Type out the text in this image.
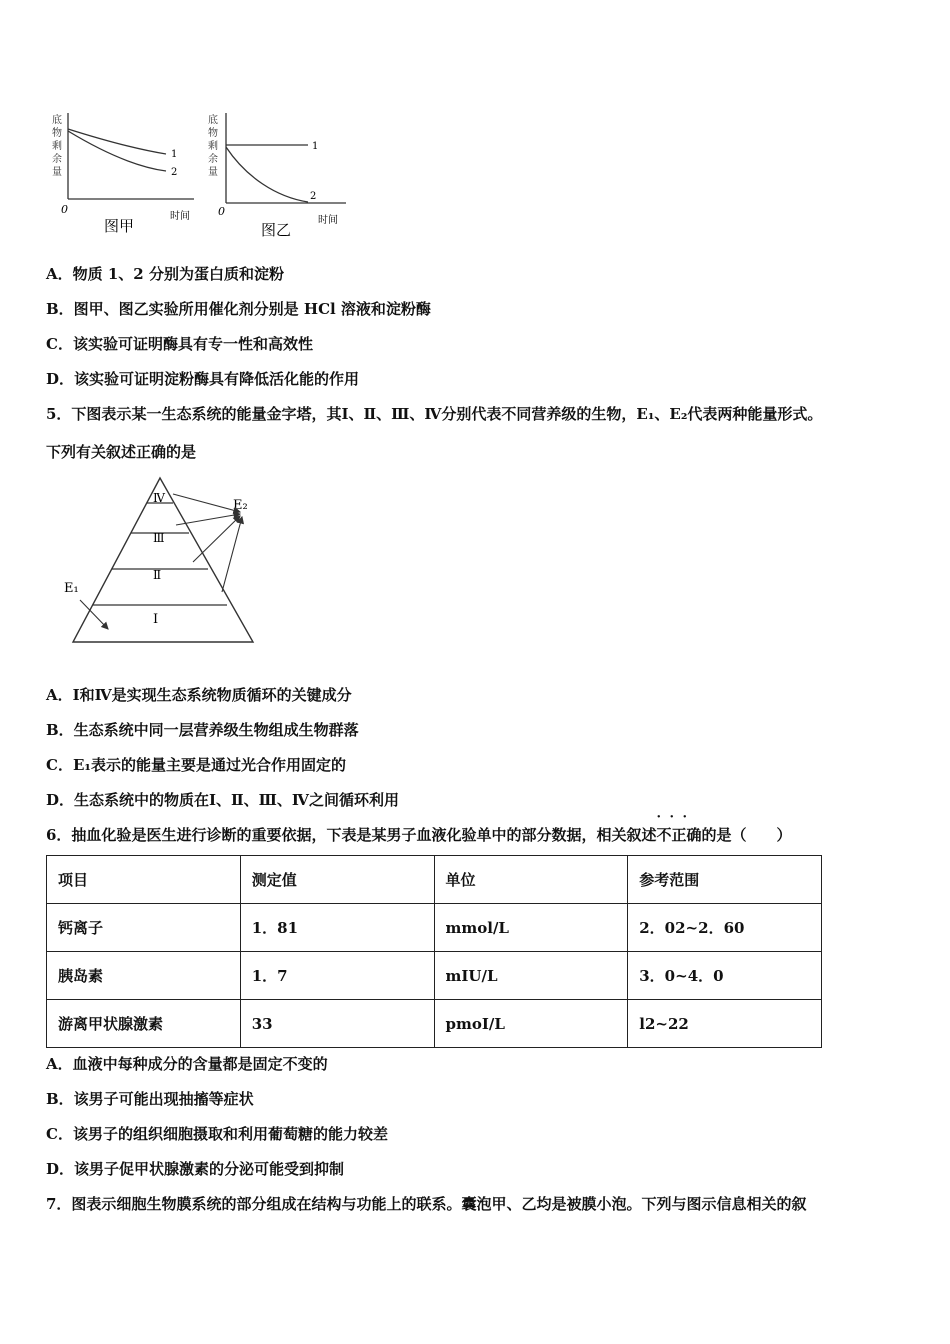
底
物
剩
余
量
1
2
0
时间
图甲
底
物
剩
余
量
1
2
0
时间
图乙
A．物质 1、2 分别为蛋白质和淀粉
B．图甲、图乙实验所用催化剂分别是 HCl 溶液和淀粉酶
C．该实验可证明酶具有专一性和高效性
D．该实验可证明淀粉酶具有降低活化能的作用
5．下图表示某一生态系统的能量金字塔，其Ⅰ、Ⅱ、Ⅲ、Ⅳ分别代表不同营养级的生物，E₁、E₂代表两种能量形式。
下列有关叙述正确的是
Ⅳ
Ⅲ
Ⅱ
Ⅰ
E₁
E₂
A．Ⅰ和Ⅳ是实现生态系统物质循环的关键成分
B．生态系统中同一层营养级生物组成生物群落
C．E₁表示的能量主要是通过光合作用固定的
D．生态系统中的物质在Ⅰ、Ⅱ、Ⅲ、Ⅳ之间循环利用
6．抽血化验是医生进行诊断的重要依据，下表是某男子血液化验单中的部分数据，相关叙述· · · 不正确的是（　　）
项目	测定值	单位	参考范围
钙离子	1．81	mmol/L	2．02~2．60
胰岛素	1．7	mIU/L	3．0~4．0
游离甲状腺激素	33	pmoI/L	l2~22
A．血液中每种成分的含量都是固定不变的
B．该男子可能出现抽搐等症状
C．该男子的组织细胞摄取和利用葡萄糖的能力较差
D．该男子促甲状腺激素的分泌可能受到抑制
7．图表示细胞生物膜系统的部分组成在结构与功能上的联系。囊泡甲、乙均是被膜小泡。下列与图示信息相关的叙
